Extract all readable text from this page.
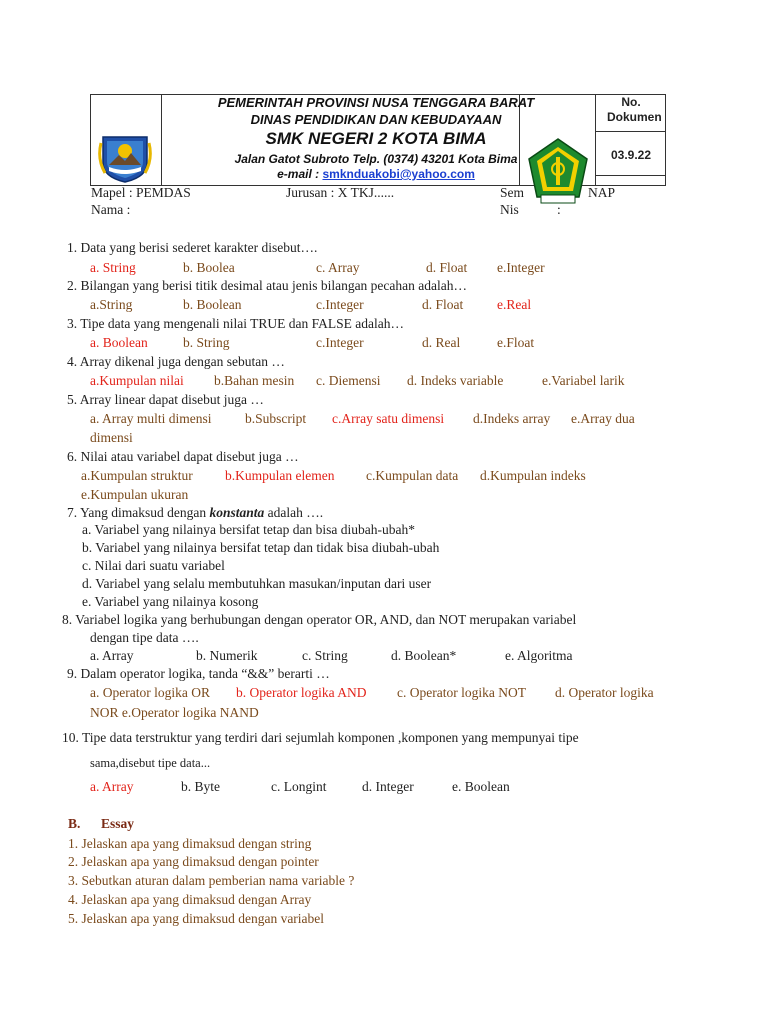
PEMERINTAH PROVINSI NUSA TENGGARA BARAT
DINAS PENDIDIKAN DAN KEBUDAYAAN
SMK NEGERI 2 KOTA BIMA
Jalan Gatot Subroto Telp. (0374) 43201 Kota Bima
e-mail : smknduakobi@yahoo.com
No. Dokumen
03.9.22
Mapel : PEMDAS	Jurusan : X TKJ......	Sem	NAP
Nama :	Nis	:
1. Data yang berisi sederet karakter disebut….
a. String	b. Boolea	c. Array	d. Float e.Integer
2. Bilangan yang berisi titik desimal atau jenis bilangan pecahan adalah…
a.String	b. Boolean	c.Integer	d. Float e.Real
3. Tipe data yang mengenali nilai TRUE dan FALSE adalah…
a. Boolean	b. String	c.Integer	d. Real	e.Float
4. Array dikenal juga dengan sebutan …
a.Kumpulan nilai b.Bahan mesin c. Diemensi d. Indeks variable	e.Variabel larik
5. Array linear dapat disebut juga …
a. Array multi dimensi b.Subscript c.Array satu dimensi d.Indeks array e.Array dua
dimensi
6. Nilai atau variabel dapat disebut juga …
a.Kumpulan struktur b.Kumpulan elemen c.Kumpulan data d.Kumpulan indeks
e.Kumpulan ukuran
7. Yang dimaksud dengan konstanta adalah ….
a. Variabel yang nilainya bersifat tetap dan bisa diubah-ubah*
b. Variabel yang nilainya bersifat tetap dan tidak bisa diubah-ubah
c. Nilai dari suatu variabel
d. Variabel yang selalu membutuhkan masukan/inputan dari user
e. Variabel yang nilainya kosong
8. Variabel logika yang berhubungan dengan operator OR, AND, dan NOT merupakan variabel
dengan tipe data ….
a. Array	b. Numerik	c. String	d. Boolean*	e. Algoritma
9. Dalam operator logika, tanda “&&” berarti …
a. Operator logika OR b. Operator logika AND c. Operator logika NOT d. Operator logika
NOR e.Operator logika NAND
10. Tipe data terstruktur yang terdiri dari sejumlah komponen ,komponen yang mempunyai tipe
sama,disebut tipe data...
a. Array	b. Byte	c. Longint	d. Integer	e. Boolean
B. Essay
1. Jelaskan apa yang dimaksud dengan string
2. Jelaskan apa yang dimaksud dengan pointer
3. Sebutkan aturan dalam pemberian nama variable ?
4. Jelaskan apa yang dimaksud dengan Array
5. Jelaskan apa yang dimaksud dengan variabel
